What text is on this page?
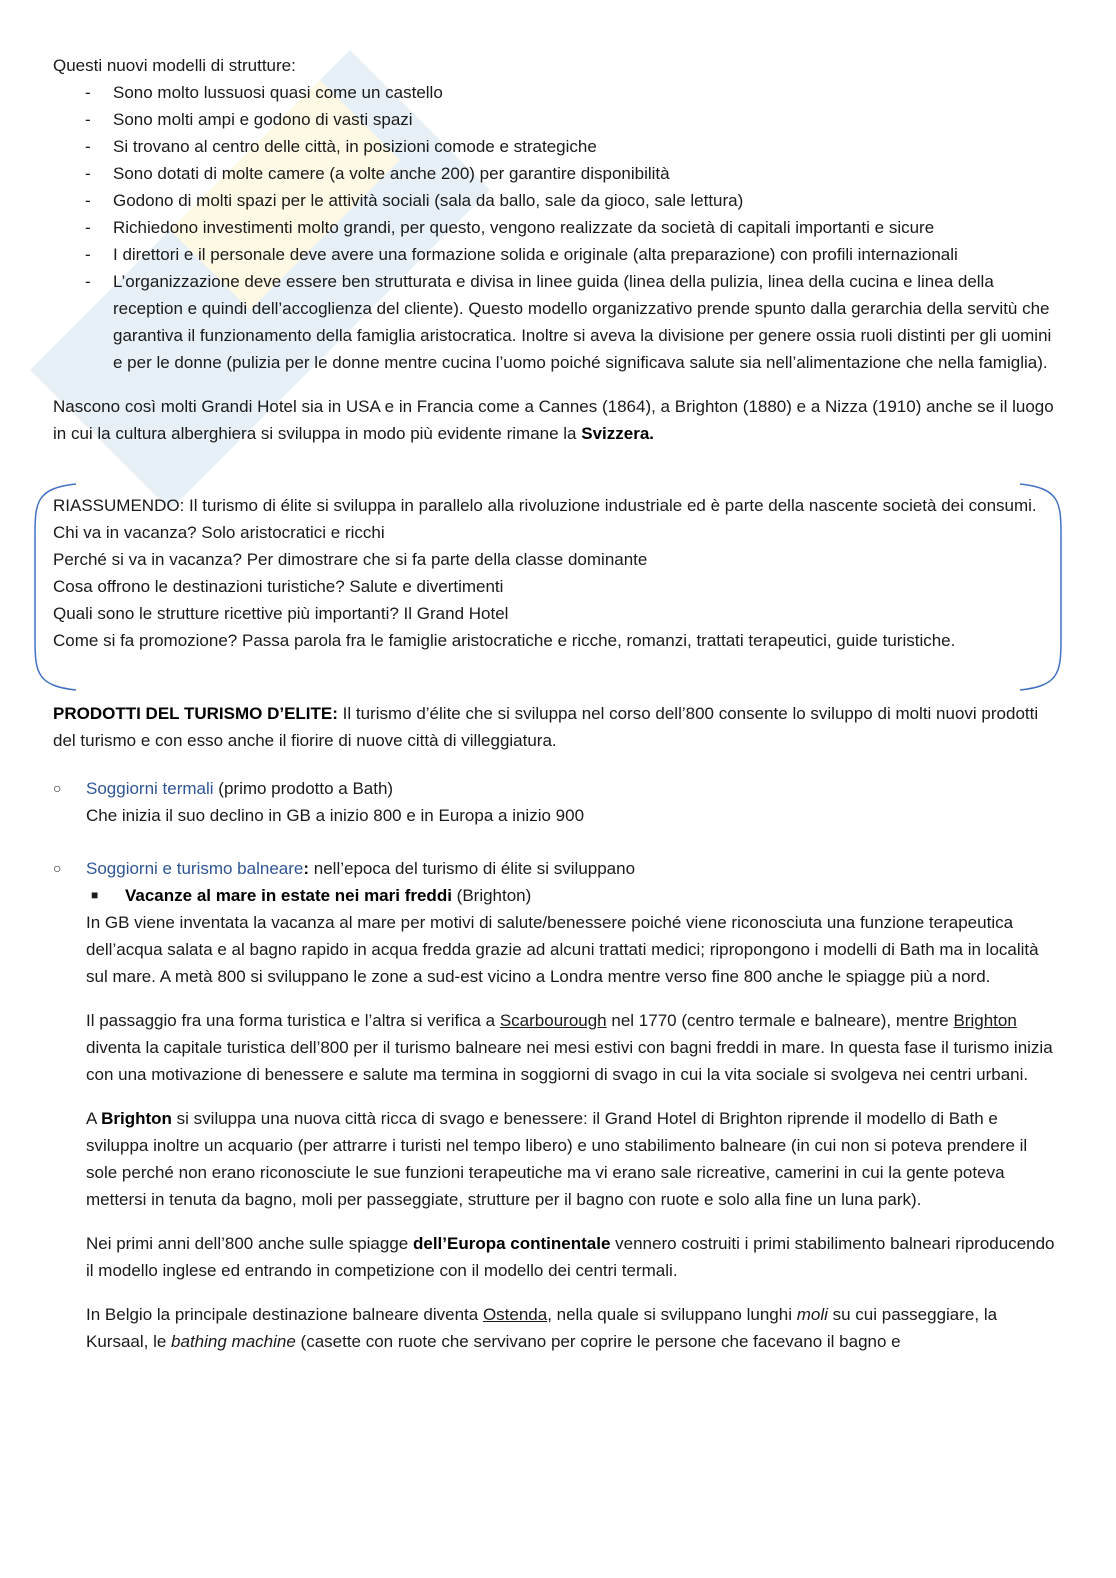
Questi nuovi modelli di strutture:

- Sono molto lussuosi quasi come un castello
- Sono molti ampi e godono di vasti spazi
- Si trovano al centro delle città, in posizioni comode e strategiche
- Sono dotati di molte camere (a volte anche 200) per garantire disponibilità
- Godono di molti spazi per le attività sociali (sala da ballo, sale da gioco, sale lettura)
- Richiedono investimenti molto grandi, per questo, vengono realizzate da società di capitali importanti e sicure
- I direttori e il personale deve avere una formazione solida e originale (alta preparazione) con profili internazionali
- L’organizzazione deve essere ben strutturata e divisa in linee guida (linea della pulizia, linea della cucina e linea della reception e quindi dell’accoglienza del cliente). Questo modello organizzativo prende spunto dalla gerarchia della servitù che garantiva il funzionamento della famiglia aristocratica. Inoltre si aveva la divisione per genere ossia ruoli distinti per gli uomini e per le donne (pulizia per le donne mentre cucina l’uomo poiché significava salute sia nell’alimentazione che nella famiglia).

Nascono così molti Grandi Hotel sia in USA e in Francia come a Cannes (1864), a Brighton (1880) e a Nizza (1910) anche se il luogo in cui la cultura alberghiera si sviluppa in modo più evidente rimane la Svizzera.

RIASSUMENDO: Il turismo di élite si sviluppa in parallelo alla rivoluzione industriale ed è parte della nascente società dei consumi.

Chi va in vacanza? Solo aristocratici e ricchi

Perché si va in vacanza? Per dimostrare che si fa parte della classe dominante

Cosa offrono le destinazioni turistiche? Salute e divertimenti

Quali sono le strutture ricettive più importanti? Il Grand Hotel

Come si fa promozione? Passa parola fra le famiglie aristocratiche e ricche, romanzi, trattati terapeutici, guide turistiche.

PRODOTTI DEL TURISMO D’ELITE: Il turismo d’élite che si sviluppa nel corso dell’800 consente lo sviluppo di molti nuovi prodotti del turismo e con esso anche il fiorire di nuove città di villeggiatura.

○ Soggiorni termali (primo prodotto a Bath)

Che inizia il suo declino in GB a inizio 800 e in Europa a inizio 900

○ Soggiorni e turismo balneare: nell’epoca del turismo di élite si sviluppano

■ Vacanze al mare in estate nei mari freddi (Brighton)

In GB viene inventata la vacanza al mare per motivi di salute/benessere poiché viene riconosciuta una funzione terapeutica dell’acqua salata e al bagno rapido in acqua fredda grazie ad alcuni trattati medici; ripropongono i modelli di Bath ma in località sul mare. A metà 800 si sviluppano le zone a sud-est vicino a Londra mentre verso fine 800 anche le spiagge più a nord.

Il passaggio fra una forma turistica e l’altra si verifica a Scarbourough nel 1770 (centro termale e balneare), mentre Brighton diventa la capitale turistica dell’800 per il turismo balneare nei mesi estivi con bagni freddi in mare. In questa fase il turismo inizia con una motivazione di benessere e salute ma termina in soggiorni di svago in cui la vita sociale si svolgeva nei centri urbani.

A Brighton si sviluppa una nuova città ricca di svago e benessere: il Grand Hotel di Brighton riprende il modello di Bath e sviluppa inoltre un acquario (per attrarre i turisti nel tempo libero) e uno stabilimento balneare (in cui non si poteva prendere il sole perché non erano riconosciute le sue funzioni terapeutiche ma vi erano sale ricreative, camerini in cui la gente poteva mettersi in tenuta da bagno, moli per passeggiate, strutture per il bagno con ruote e solo alla fine un luna park).

Nei primi anni dell’800 anche sulle spiagge dell’Europa continentale vennero costruiti i primi stabilimento balneari riproducendo il modello inglese ed entrando in competizione con il modello dei centri termali.

In Belgio la principale destinazione balneare diventa Ostenda, nella quale si sviluppano lunghi moli su cui passeggiare, la Kursaal, le bathing machine (casette con ruote che servivano per coprire le persone che facevano il bagno e
